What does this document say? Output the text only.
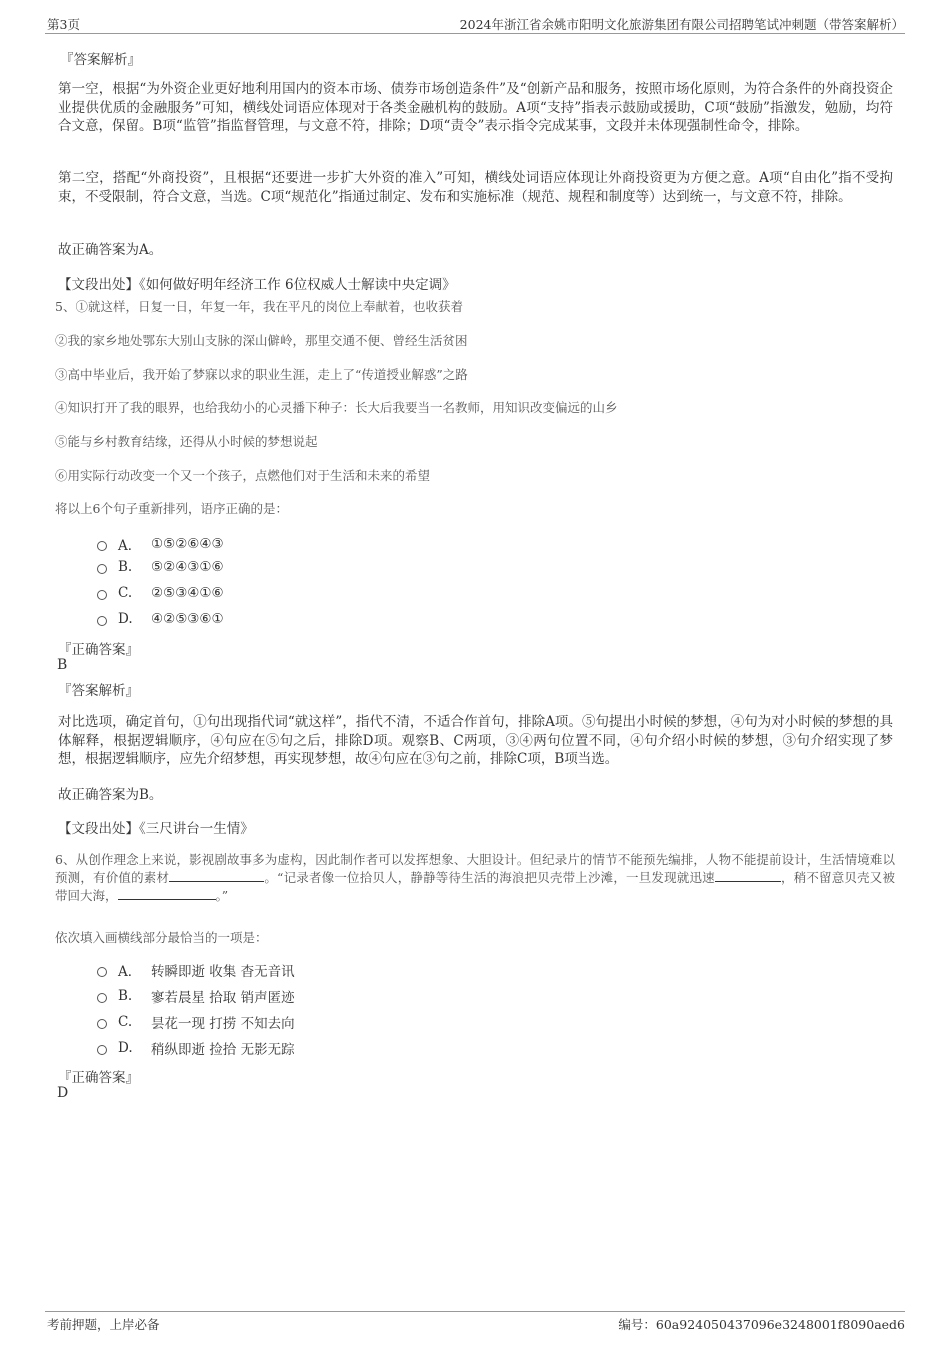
第3页	2024年浙江省余姚市阳明文化旅游集团有限公司招聘笔试冲刺题（带答案解析）
『答案解析』
第一空，根据“为外资企业更好地利用国内的资本市场、债券市场创造条件”及“创新产品和服务，按照市场化原则，为符合条件的外商投资企业提供优质的金融服务”可知，横线处词语应体现对于各类金融机构的鼓励。A项“支持”指表示鼓励或援助，C项“鼓励”指激发，勉励，均符合文意，保留。B项“监管”指监督管理，与文意不符，排除；D项“责令”表示指令完成某事，文段并未体现强制性命令，排除。
第二空，搭配“外商投资”，且根据“还要进一步扩大外资的准入”可知，横线处词语应体现让外商投资更为方便之意。A项“自由化”指不受拘束，不受限制，符合文意，当选。C项“规范化”指通过制定、发布和实施标准（规范、规程和制度等）达到统一，与文意不符，排除。
故正确答案为A。
【文段出处】《如何做好明年经济工作 6位权威人士解读中央定调》
5、①就这样，日复一日，年复一年，我在平凡的岗位上奉献着，也收获着
②我的家乡地处鄂东大别山支脉的深山僻岭，那里交通不便、曾经生活贫困
③高中毕业后，我开始了梦寐以求的职业生涯，走上了“传道授业解惑”之路
④知识打开了我的眼界，也给我幼小的心灵播下种子：长大后我要当一名教师，用知识改变偏远的山乡
⑤能与乡村教育结缘，还得从小时候的梦想说起
⑥用实际行动改变一个又一个孩子，点燃他们对于生活和未来的希望
将以上6个句子重新排列，语序正确的是：
A． ①⑤②⑥④③
B.	⑤②④③①⑥
C.	②⑤③④①⑥
D.	④②⑤③⑥①
『正确答案』
B
『答案解析』
对比选项，确定首句，①句出现指代词“就这样”，指代不清，不适合作首句，排除A项。⑤句提出小时候的梦想，④句为对小时候的梦想的具体解释，根据逻辑顺序，④句应在⑤句之后，排除D项。观察B、C两项，③④两句位置不同，④句介绍小时候的梦想，③句介绍实现了梦想，根据逻辑顺序，应先介绍梦想，再实现梦想，故④句应在③句之前，排除C项，B项当选。
故正确答案为B。
【文段出处】《三尺讲台一生情》
6、从创作理念上来说，影视剧故事多为虚构，因此制作者可以发挥想象、大胆设计。但纪录片的情节不能预先编排，人物不能提前设计，生活情境难以预测，有价值的素材	。“记录者像一位拾贝人，静静等待生活的海浪把贝壳带上沙滩，一旦发现就迅速	，稍不留意贝壳又被带回大海，	。”
依次填入画横线部分最恰当的一项是：
A． 转瞬即逝 收集 杳无音讯
B.	寥若晨星 拾取 销声匿迹
C.	昙花一现 打捞 不知去向
D.	稍纵即逝 捡拾 无影无踪
『正确答案』
D
考前押题，上岸必备	编号：60a924050437096e3248001f8090aed6
